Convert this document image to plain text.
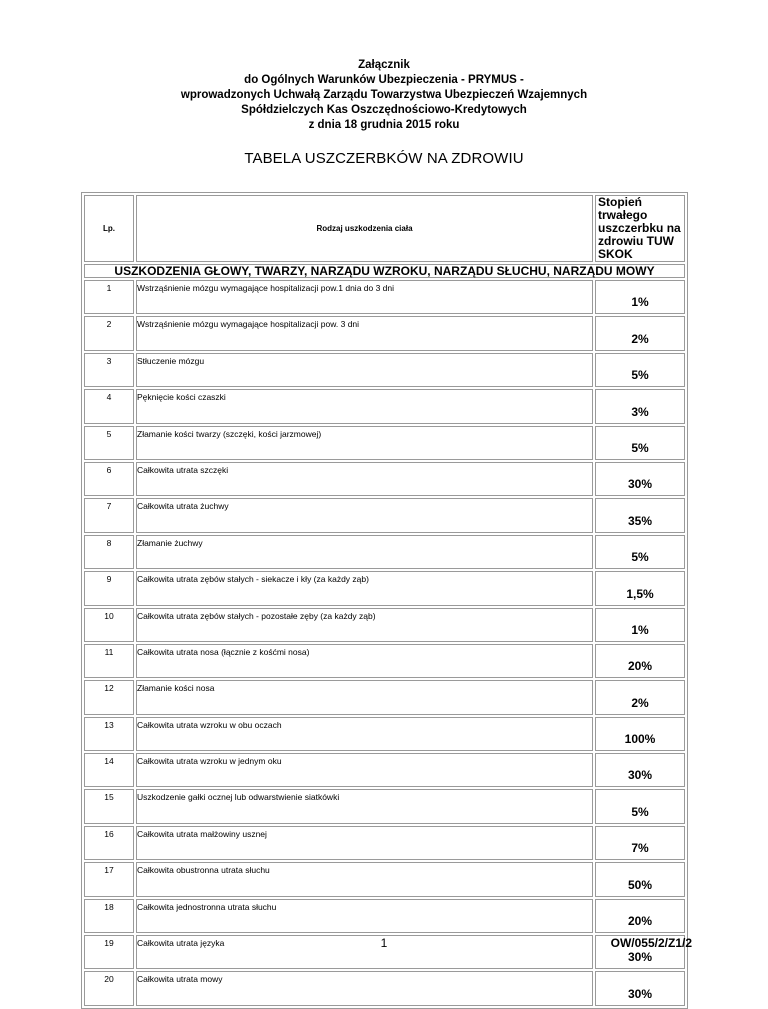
Załącznik
do Ogólnych Warunków Ubezpieczenia - PRYMUS -
wprowadzonych Uchwałą Zarządu Towarzystwa Ubezpieczeń Wzajemnych
Spółdzielczych Kas Oszczędnościowo-Kredytowych
z dnia 18 grudnia 2015 roku
TABELA USZCZERBKÓW NA ZDROWIU
Lp.	Rodzaj uszkodzenia ciała	Stopień trwałego uszczerbku na zdrowiu TUW SKOK
USZKODZENIA GŁOWY, TWARZY, NARZĄDU WZROKU, NARZĄDU SŁUCHU, NARZĄDU MOWY		
1	Wstrząśnienie mózgu wymagające hospitalizacji pow.1 dnia do 3 dni	1%
2	Wstrząśnienie mózgu wymagające hospitalizacji pow. 3 dni	2%
3	Stłuczenie mózgu	5%
4	Pęknięcie kości czaszki	3%
5	Złamanie kości twarzy (szczęki, kości jarzmowej)	5%
6	Całkowita utrata szczęki	30%
7	Całkowita utrata żuchwy	35%
8	Złamanie żuchwy	5%
9	Całkowita utrata zębów stałych - siekacze i kły (za każdy ząb)	1,5%
10	Całkowita utrata zębów stałych - pozostałe zęby (za każdy ząb)	1%
11	Całkowita utrata nosa (łącznie z kośćmi nosa)	20%
12	Złamanie kości nosa	2%
13	Całkowita utrata wzroku w obu oczach	100%
14	Całkowita utrata wzroku w jednym oku	30%
15	Uszkodzenie gałki ocznej lub odwarstwienie siatkówki	5%
16	Całkowita utrata małżowiny usznej	7%
17	Całkowita obustronna utrata słuchu	50%
18	Całkowita jednostronna utrata słuchu	20%
19	Całkowita utrata języka	30%
20	Całkowita utrata mowy	30%
1	OW/055/2/Z1/2
